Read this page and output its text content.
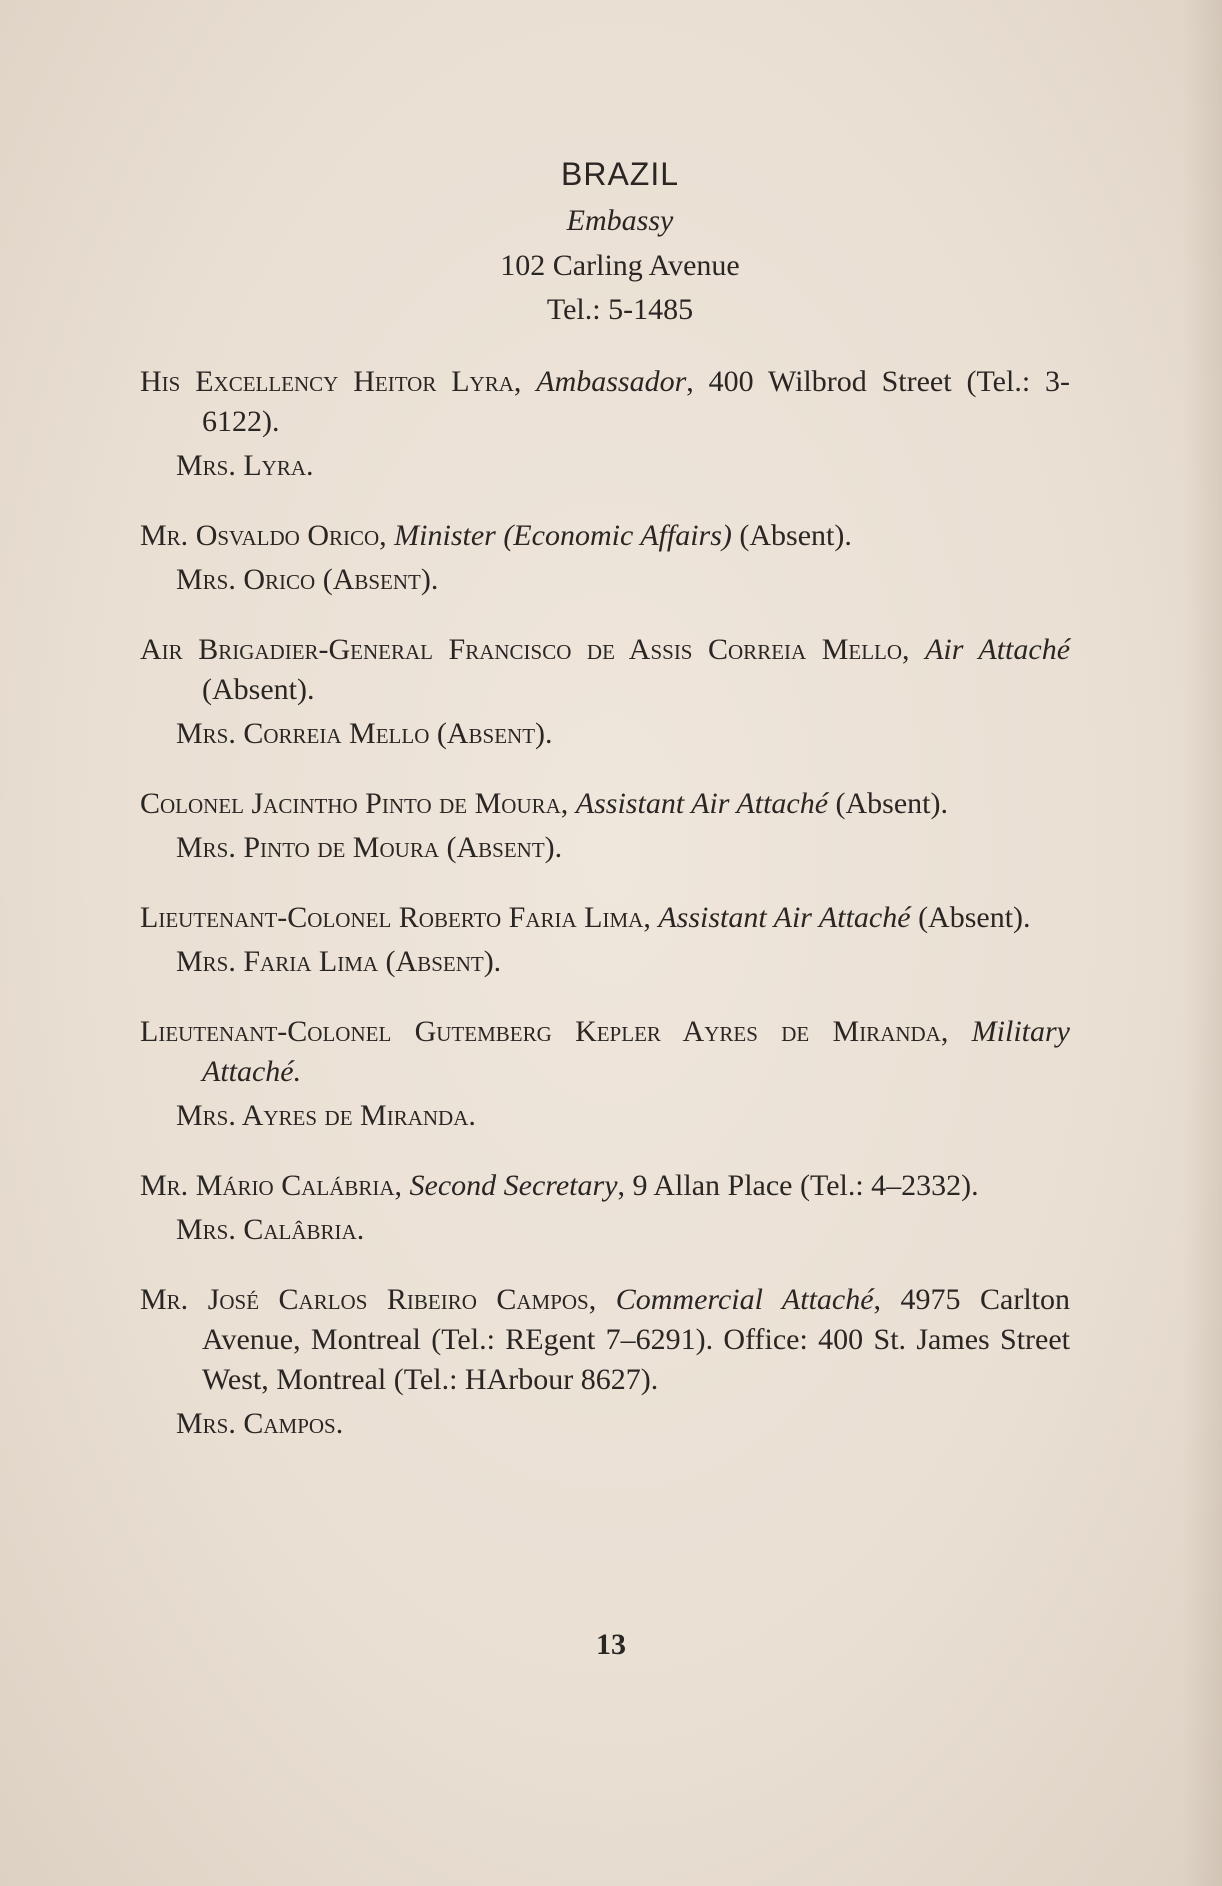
BRAZIL

Embassy

102 Carling Avenue

Tel.: 5-1485

His Excellency Heitor Lyra, Ambassador, 400 Wilbrod Street (Tel.: 3-6122).
Mrs. Lyra.
Mr. Osvaldo Orico, Minister (Economic Affairs) (Absent).
Mrs. Orico (Absent).
Air Brigadier-General Francisco de Assis Correia Mello, Air Attaché (Absent).
Mrs. Correia Mello (Absent).
Colonel Jacintho Pinto de Moura, Assistant Air Attaché (Absent).
Mrs. Pinto de Moura (Absent).
Lieutenant-Colonel Roberto Faria Lima, Assistant Air Attaché (Absent).
Mrs. Faria Lima (Absent).
Lieutenant-Colonel Gutemberg Kepler Ayres de Miranda, Military Attaché.
Mrs. Ayres de Miranda.
Mr. Mário Calábria, Second Secretary, 9 Allan Place (Tel.: 4–2332).
Mrs. Calâbria.
Mr. José Carlos Ribeiro Campos, Commercial Attaché, 4975 Carlton Avenue, Montreal (Tel.: REgent 7–6291). Office: 400 St. James Street West, Montreal (Tel.: HArbour 8627).
Mrs. Campos.
13
